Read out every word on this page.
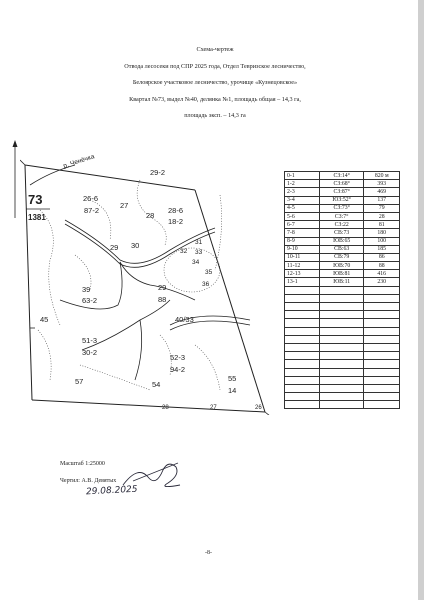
Схема-чертеж
Отвода лесосеки под СПР 2025 года, Отдел Тевризское лесничество,
Белоярское участковое лесничество, урочище «Кузнецовское»
Квартал №73, выдел №40, делянка №1, площадь общая – 14,3 га,
площадь эксп. – 14,3 га
р. Ченёчка
73
1381
29-2
26-6
87-2
27
28
28-6
18-2
29 30	31
32 33
34
35
36
39
63-2
29
88
45	40/33
51-3
30-2
52-3
94-2
54
55
14
57
28	27	26
0-1	СЗ:14°	820 м
1-2	СЗ:68°	393
2-3	СЗ:87°	469
3-4	ЮЗ:52°	137
4-5	СЗ:73°	79
5-6	СЗ:7°	28
6-7	СЗ:22	81
7-8	СВ:73	180
8-9	ЮВ:65	100
9-10	СВ:63	185
10-11	СВ:79	86
11-12	ЮВ:70	88
12-13	ЮВ:81	416
13-1	ЮВ:11	230

Масштаб 1:25000
Чертил: А.В. Девятых
29.08.2025
-8-
